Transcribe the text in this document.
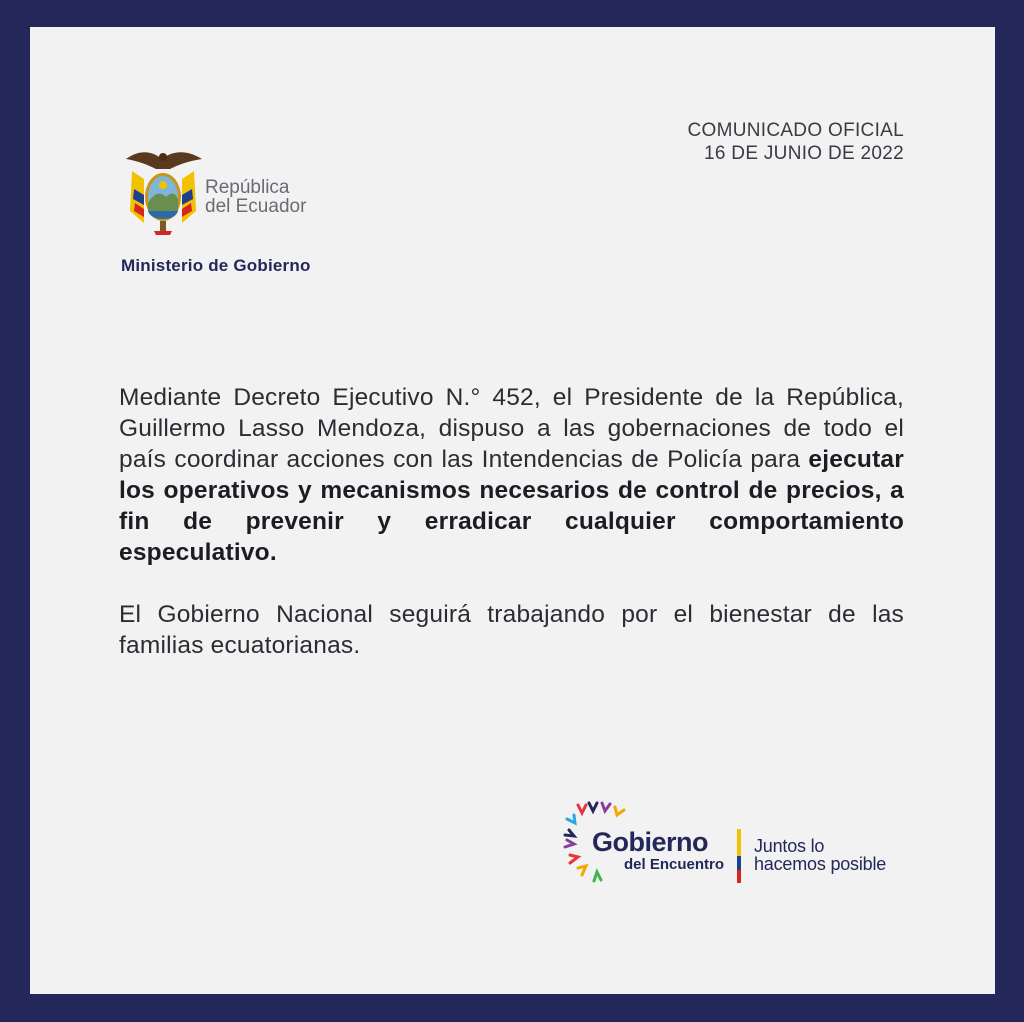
COMUNICADO OFICIAL
16 DE JUNIO DE 2022
República
del Ecuador
Ministerio de Gobierno

Mediante Decreto Ejecutivo N.° 452, el Presidente de la República, Guillermo Lasso Mendoza, dispuso a las gobernaciones de todo el país coordinar acciones con las Intendencias de Policía para ejecutar los operativos y mecanismos necesarios de control de precios, a fin de prevenir y erradicar cualquier comportamiento especulativo.

El Gobierno Nacional seguirá trabajando por el bienestar de las familias ecuatorianas.

Gobierno
del Encuentro
Juntos lo
hacemos posible
